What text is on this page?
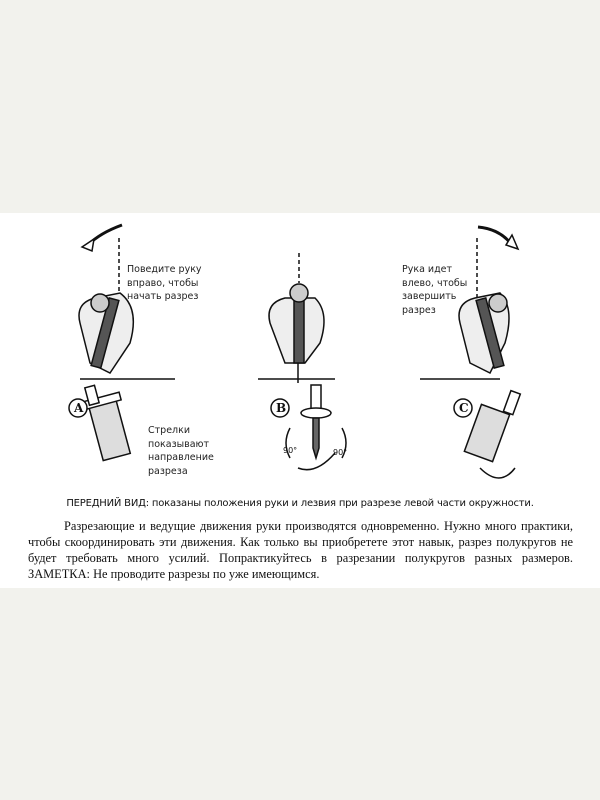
A	B	C
90°	90°
Поведите руку
вправо, чтобы
начать разрез
Рука идет
влево, чтобы
завершить
разрез
Стрелки
показывают
направление
разреза
ПЕРЕДНИЙ ВИД: показаны положения руки и лезвия при разрезе левой части окружности.
Разрезающие и ведущие движения руки производятся одновременно. Нужно много практики, чтобы скоординировать эти движения. Как только вы приобретете этот навык, разрез полукругов не будет требовать много усилий. Попрактикуйтесь в разрезании полукругов разных размеров. ЗАМЕТКА: Не проводите разрезы по уже имеющимся.
